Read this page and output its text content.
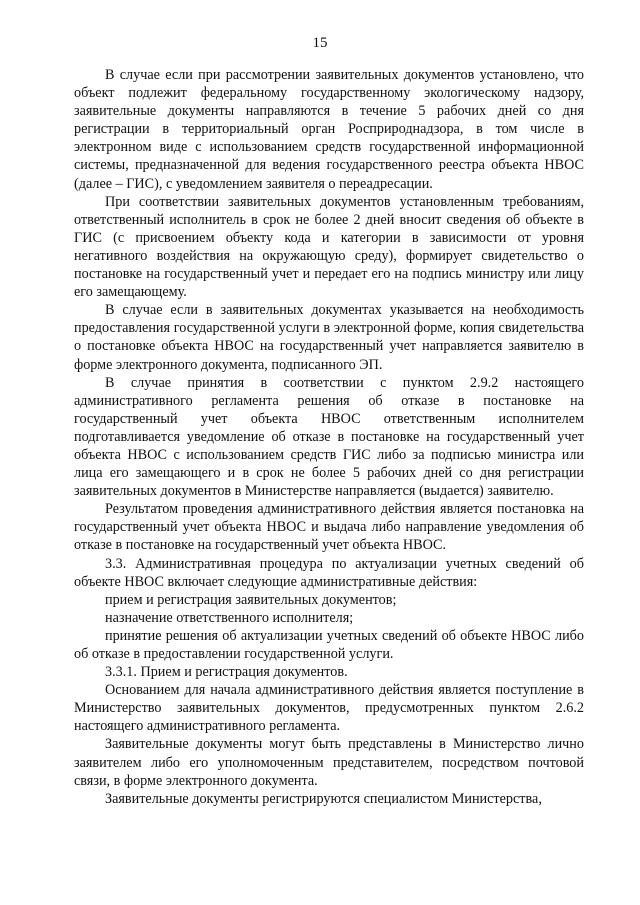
15

В случае если при рассмотрении заявительных документов установлено, что объект подлежит федеральному государственному экологическому надзору, заявительные документы направляются в течение 5 рабочих дней со дня регистрации в территориальный орган Росприроднадзора, в том числе в электронном виде с использованием средств государственной информационной системы, предназначенной для ведения государственного реестра объекта НВОС (далее – ГИС), с уведомлением заявителя о переадресации.

При соответствии заявительных документов установленным требованиям, ответственный исполнитель в срок не более 2 дней вносит сведения об объекте в ГИС (с присвоением объекту кода и категории в зависимости от уровня негативного воздействия на окружающую среду), формирует свидетельство о постановке на государственный учет и передает его на подпись министру или лицу его замещающему.

В случае если в заявительных документах указывается на необходимость предоставления государственной услуги в электронной форме, копия свидетельства о постановке объекта НВОС на государственный учет направляется заявителю в форме электронного документа, подписанного ЭП.

В случае принятия в соответствии с пунктом 2.9.2 настоящего административного регламента решения об отказе в постановке на государственный учет объекта НВОС ответственным исполнителем подготавливается уведомление об отказе в постановке на государственный учет объекта НВОС с использованием средств ГИС либо за подписью министра или лица его замещающего и в срок не более 5 рабочих дней со дня регистрации заявительных документов в Министерстве направляется (выдается) заявителю.

Результатом проведения административного действия является постановка на государственный учет объекта НВОС и выдача либо направление уведомления об отказе в постановке на государственный учет объекта НВОС.

3.3. Административная процедура по актуализации учетных сведений об объекте НВОС включает следующие административные действия:

прием и регистрация заявительных документов;

назначение ответственного исполнителя;

принятие решения об актуализации учетных сведений об объекте НВОС либо об отказе в предоставлении государственной услуги.

3.3.1. Прием и регистрация документов.

Основанием для начала административного действия является поступление в Министерство заявительных документов, предусмотренных пунктом 2.6.2 настоящего административного регламента.

Заявительные документы могут быть представлены в Министерство лично заявителем либо его уполномоченным представителем, посредством почтовой связи, в форме электронного документа.

Заявительные документы регистрируются специалистом Министерства,
